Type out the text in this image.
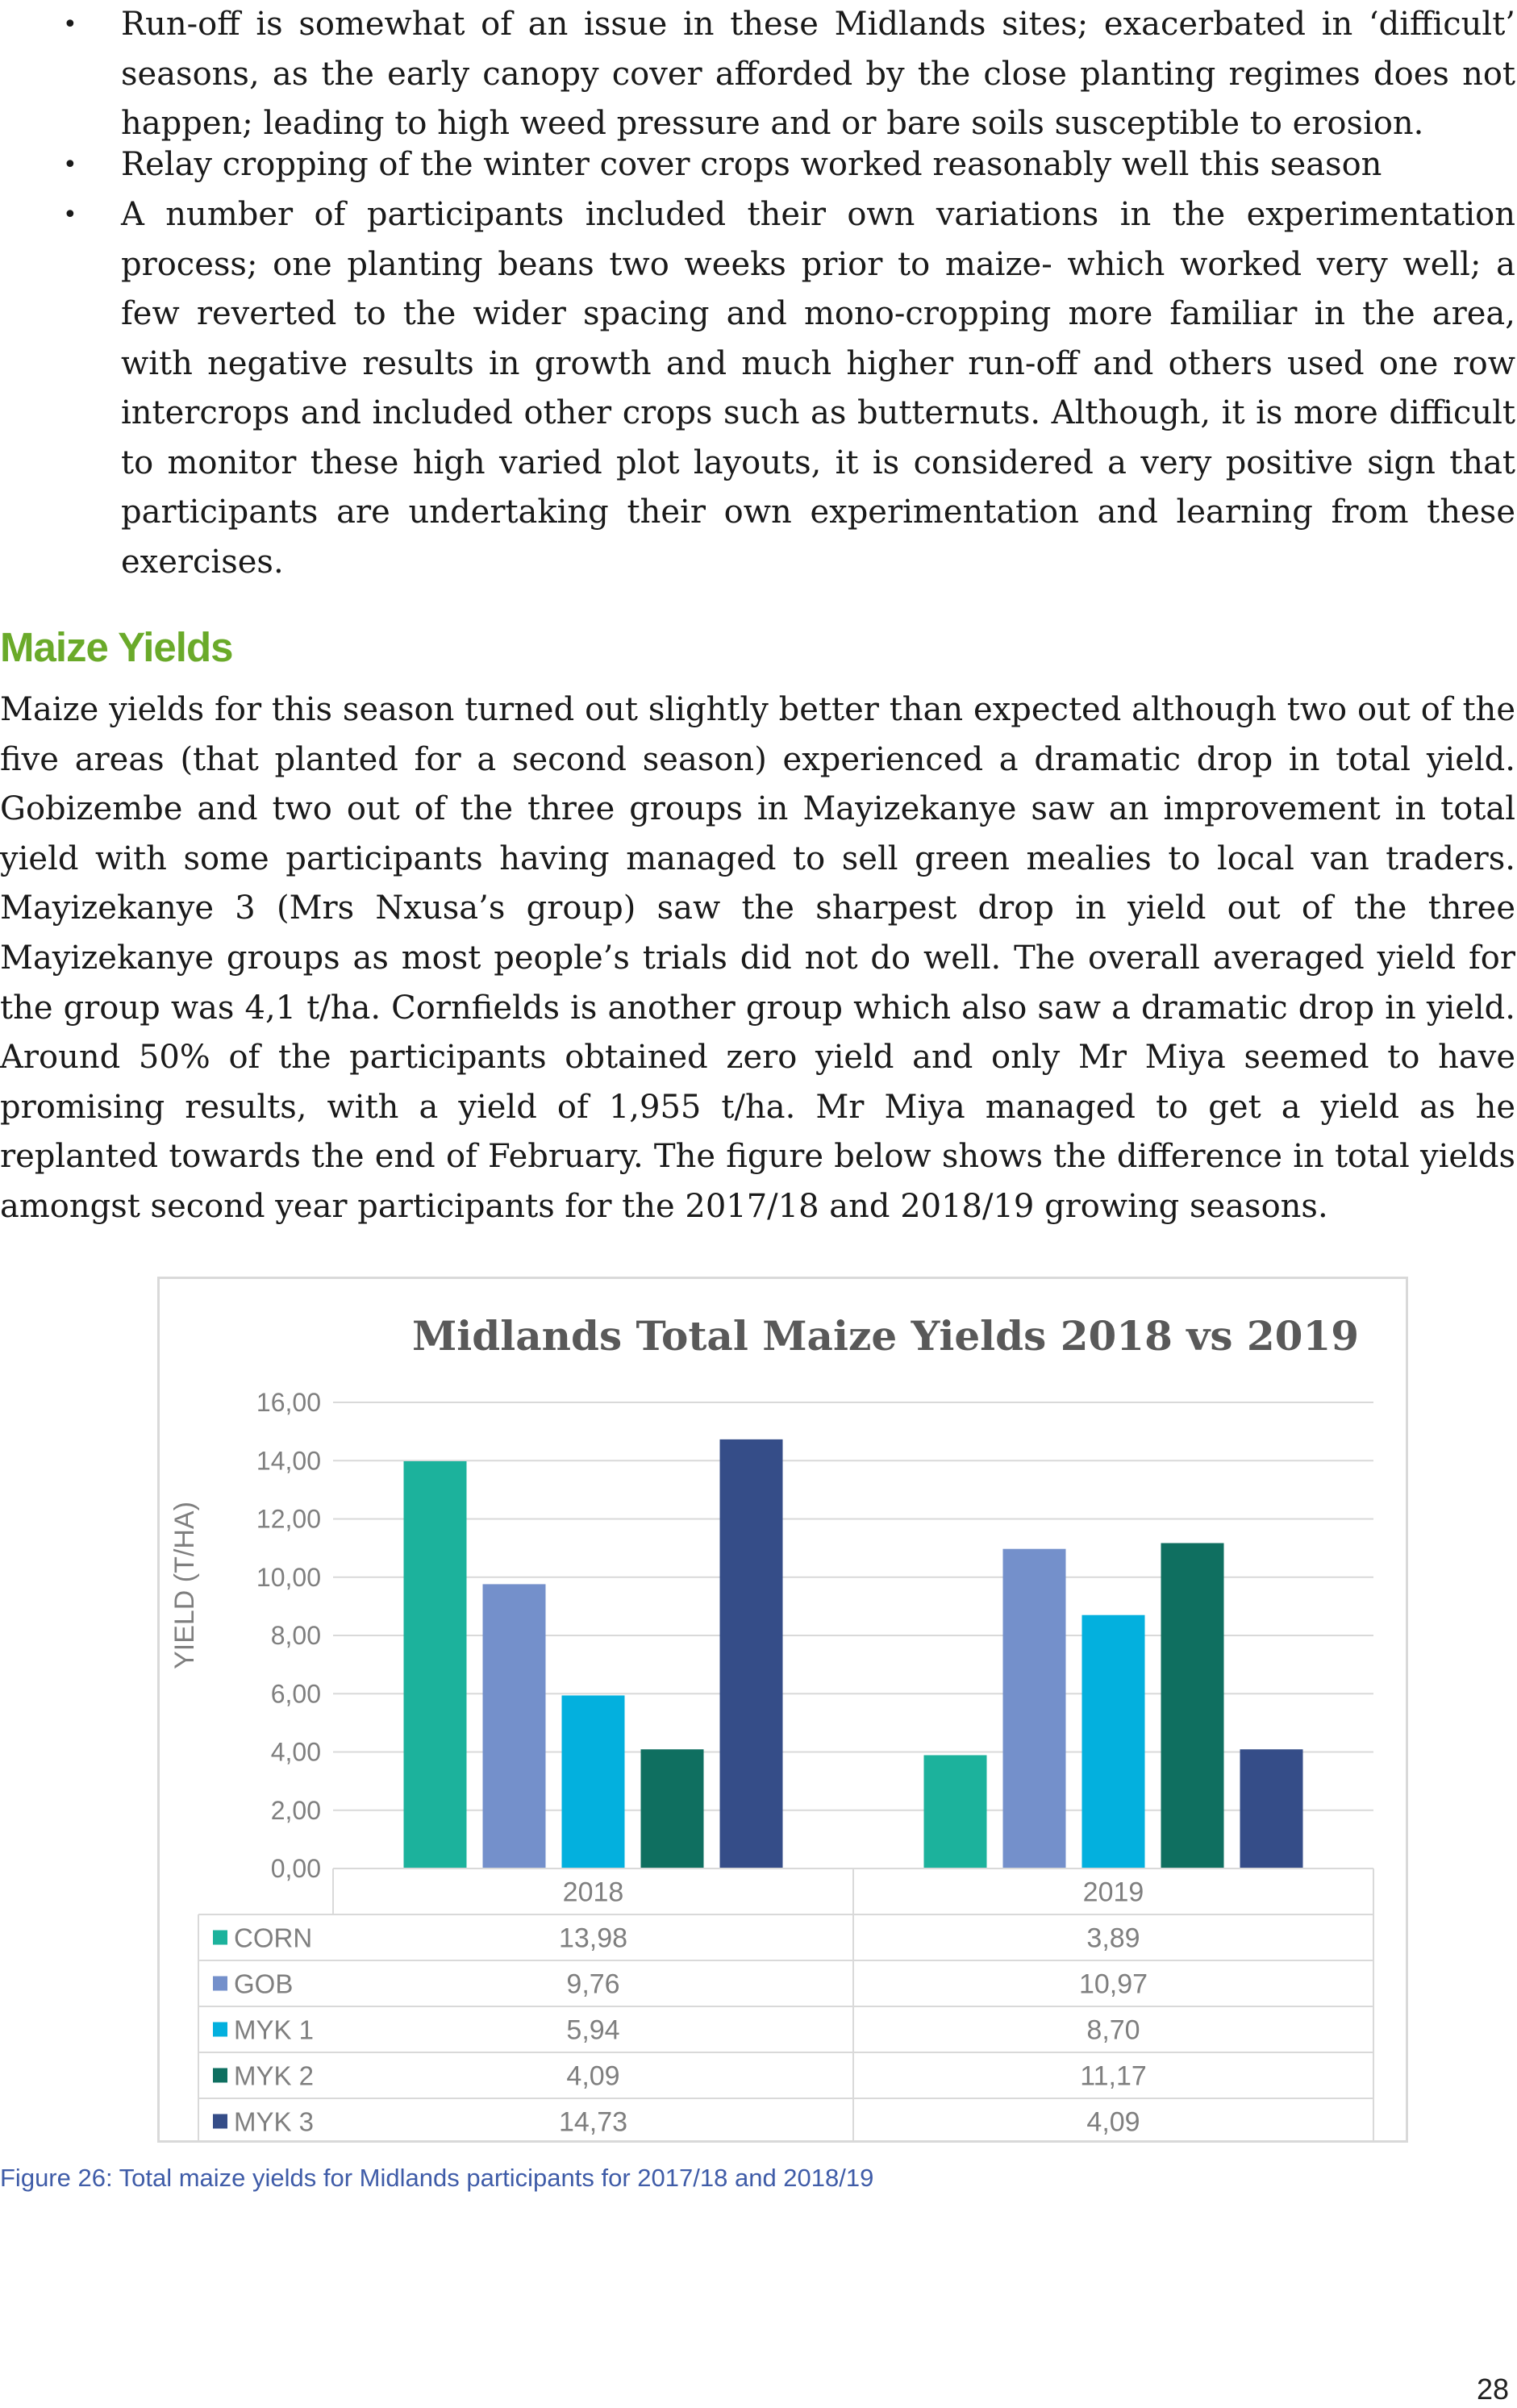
• Run-off is somewhat of an issue in these Midlands sites; exacerbated in ‘difficult’ seasons, as the early canopy cover afforded by the close planting regimes does not happen; leading to high weed pressure and or bare soils susceptible to erosion.
• Relay cropping of the winter cover crops worked reasonably well this season
• A number of participants included their own variations in the experimentation process; one planting beans two weeks prior to maize- which worked very well; a few reverted to the wider spacing and mono-cropping more familiar in the area, with negative results in growth and much higher run-off and others used one row intercrops and included other crops such as butternuts. Although, it is more difficult to monitor these high varied plot layouts, it is considered a very positive sign that participants are undertaking their own experimentation and learning from these exercises.
Maize Yields

Maize yields for this season turned out slightly better than expected although two out of the five areas (that planted for a second season) experienced a dramatic drop in total yield. Gobizembe and two out of the three groups in Mayizekanye saw an improvement in total yield with some participants having managed to sell green mealies to local van traders. Mayizekanye 3 (Mrs Nxusa’s group) saw the sharpest drop in yield out of the three Mayizekanye groups as most people’s trials did not do well. The overall averaged yield for the group was 4,1 t/ha. Cornfields is another group which also saw a dramatic drop in yield. Around 50% of the participants obtained zero yield and only Mr Miya seemed to have promising results, with a yield of 1,955 t/ha. Mr Miya managed to get a yield as he replanted towards the end of February. The figure below shows the difference in total yields amongst second year participants for the 2017/18 and 2018/19 growing seasons.

Midlands Total Maize Yields 2018 vs 2019
YIELD (T/HA)
0,00
2,00
4,00
6,00
8,00
10,00
12,00
14,00
16,00
2018	2019
CORN	13,98	3,89
GOB	9,76	10,97
MYK 1	5,94	8,70
MYK 2	4,09	11,17
MYK 3	14,73	4,09

Figure 26: Total maize yields for Midlands participants for 2017/18 and 2018/19

28
